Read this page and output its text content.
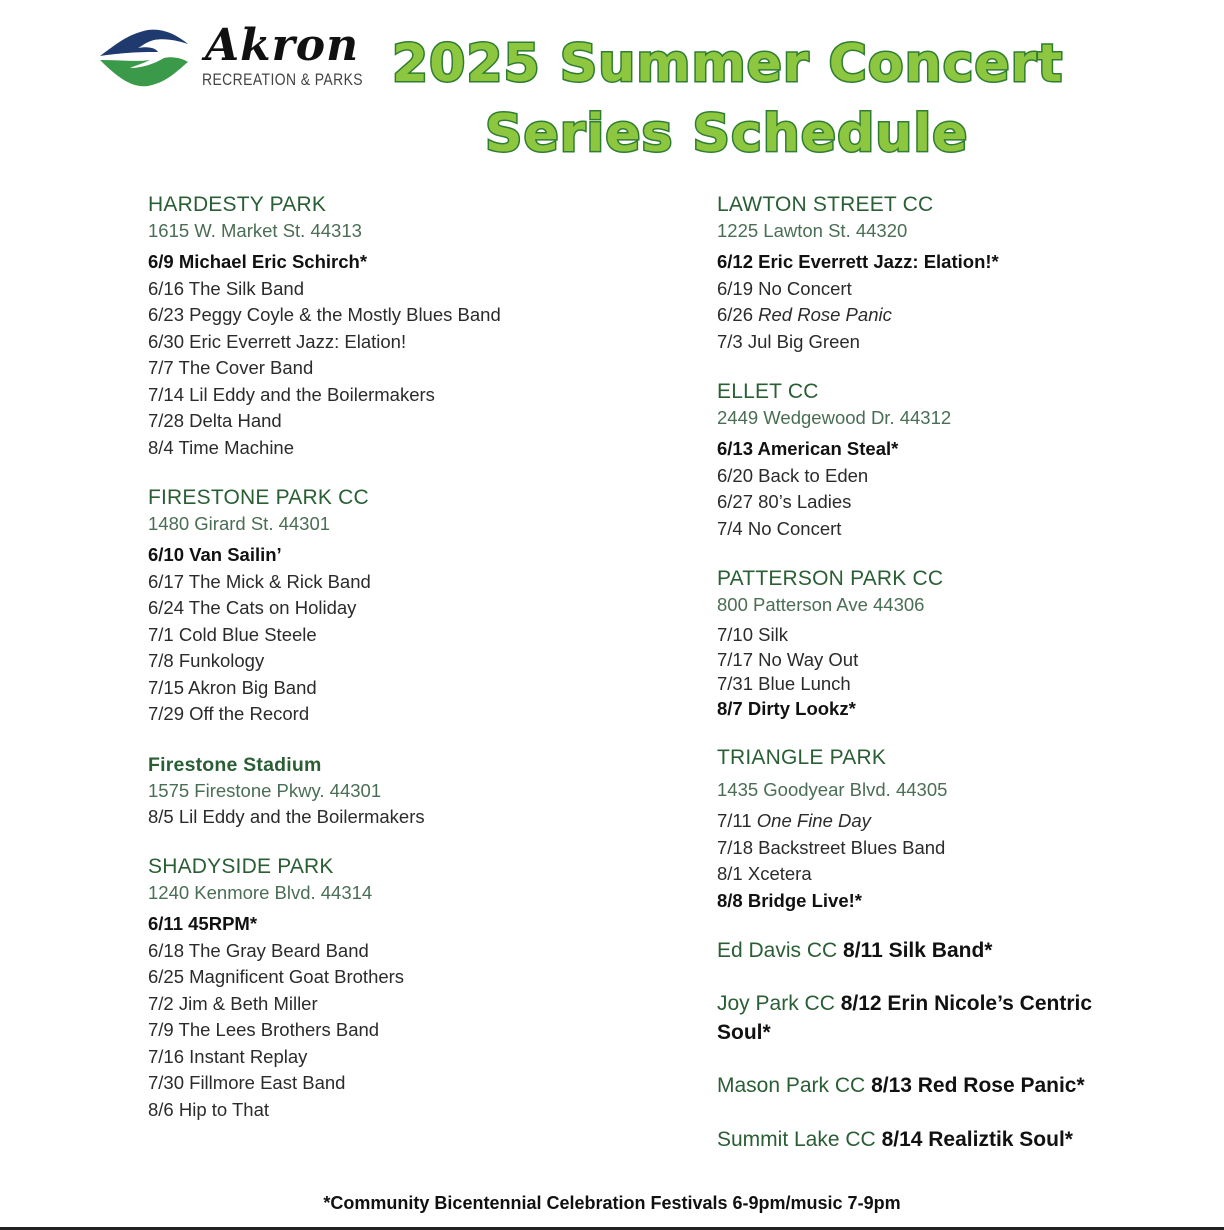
Akron
RECREATION & PARKS 2025 Summer Concert
Series Schedule
HARDESTY PARK
1615 W. Market St. 44313
6/9 Michael Eric Schirch*
6/16 The Silk Band
6/23 Peggy Coyle & the Mostly Blues Band
6/30 Eric Everrett Jazz: Elation!
7/7 The Cover Band
7/14 Lil Eddy and the Boilermakers
7/28 Delta Hand
8/4 Time Machine
FIRESTONE PARK CC
1480 Girard St. 44301
6/10 Van Sailin’
6/17 The Mick & Rick Band
6/24 The Cats on Holiday
7/1 Cold Blue Steele
7/8 Funkology
7/15 Akron Big Band
7/29 Off the Record
Firestone Stadium
1575 Firestone Pkwy. 44301
8/5 Lil Eddy and the Boilermakers
SHADYSIDE PARK
1240 Kenmore Blvd. 44314
6/11 45RPM*
6/18 The Gray Beard Band
6/25 Magnificent Goat Brothers
7/2 Jim & Beth Miller
7/9 The Lees Brothers Band
7/16 Instant Replay
7/30 Fillmore East Band
8/6 Hip to That
LAWTON STREET CC
1225 Lawton St. 44320
6/12 Eric Everrett Jazz: Elation!*
6/19 No Concert
6/26 Red Rose Panic
7/3 Jul Big Green
ELLET CC
2449 Wedgewood Dr. 44312
6/13 American Steal*
6/20 Back to Eden
6/27 80’s Ladies
7/4 No Concert
PATTERSON PARK CC
800 Patterson Ave 44306
7/10 Silk
7/17 No Way Out
7/31 Blue Lunch
8/7 Dirty Lookz*
TRIANGLE PARK
1435 Goodyear Blvd. 44305
7/11 One Fine Day
7/18 Backstreet Blues Band
8/1 Xcetera
8/8 Bridge Live!*
Ed Davis CC 8/11 Silk Band*
Joy Park CC 8/12 Erin Nicole’s Centric Soul*
Mason Park CC 8/13 Red Rose Panic*
Summit Lake CC 8/14 Realiztik Soul*
*Community Bicentennial Celebration Festivals 6-9pm/music 7-9pm
